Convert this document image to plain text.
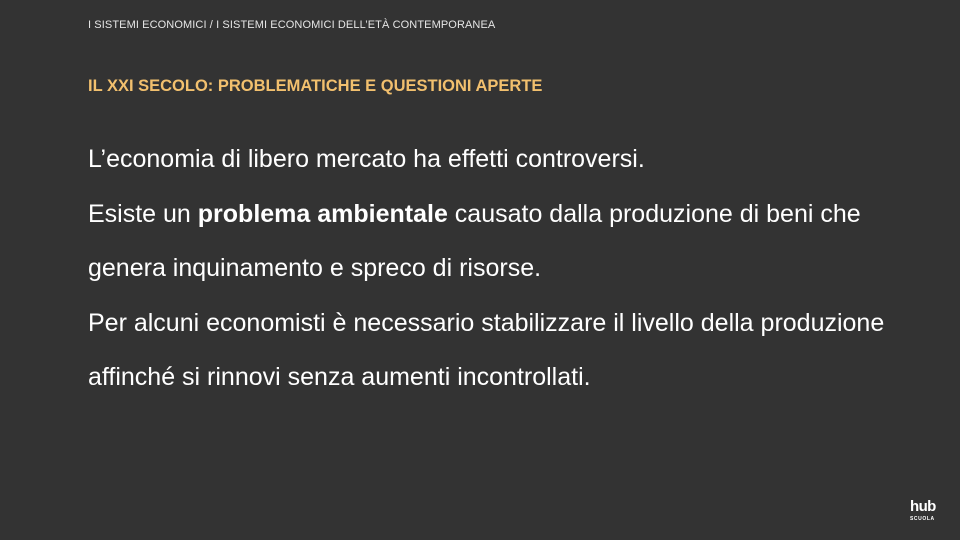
I SISTEMI ECONOMICI / I SISTEMI ECONOMICI DELL’ETÀ CONTEMPORANEA
IL XXI SECOLO: PROBLEMATICHE E QUESTIONI APERTE

L’economia di libero mercato ha effetti controversi.

Esiste un problema ambientale causato dalla produzione di beni che genera inquinamento e spreco di risorse.

Per alcuni economisti è necessario stabilizzare il livello della produzione affinché si rinnovi senza aumenti incontrollati.

hub
SCUOLA
